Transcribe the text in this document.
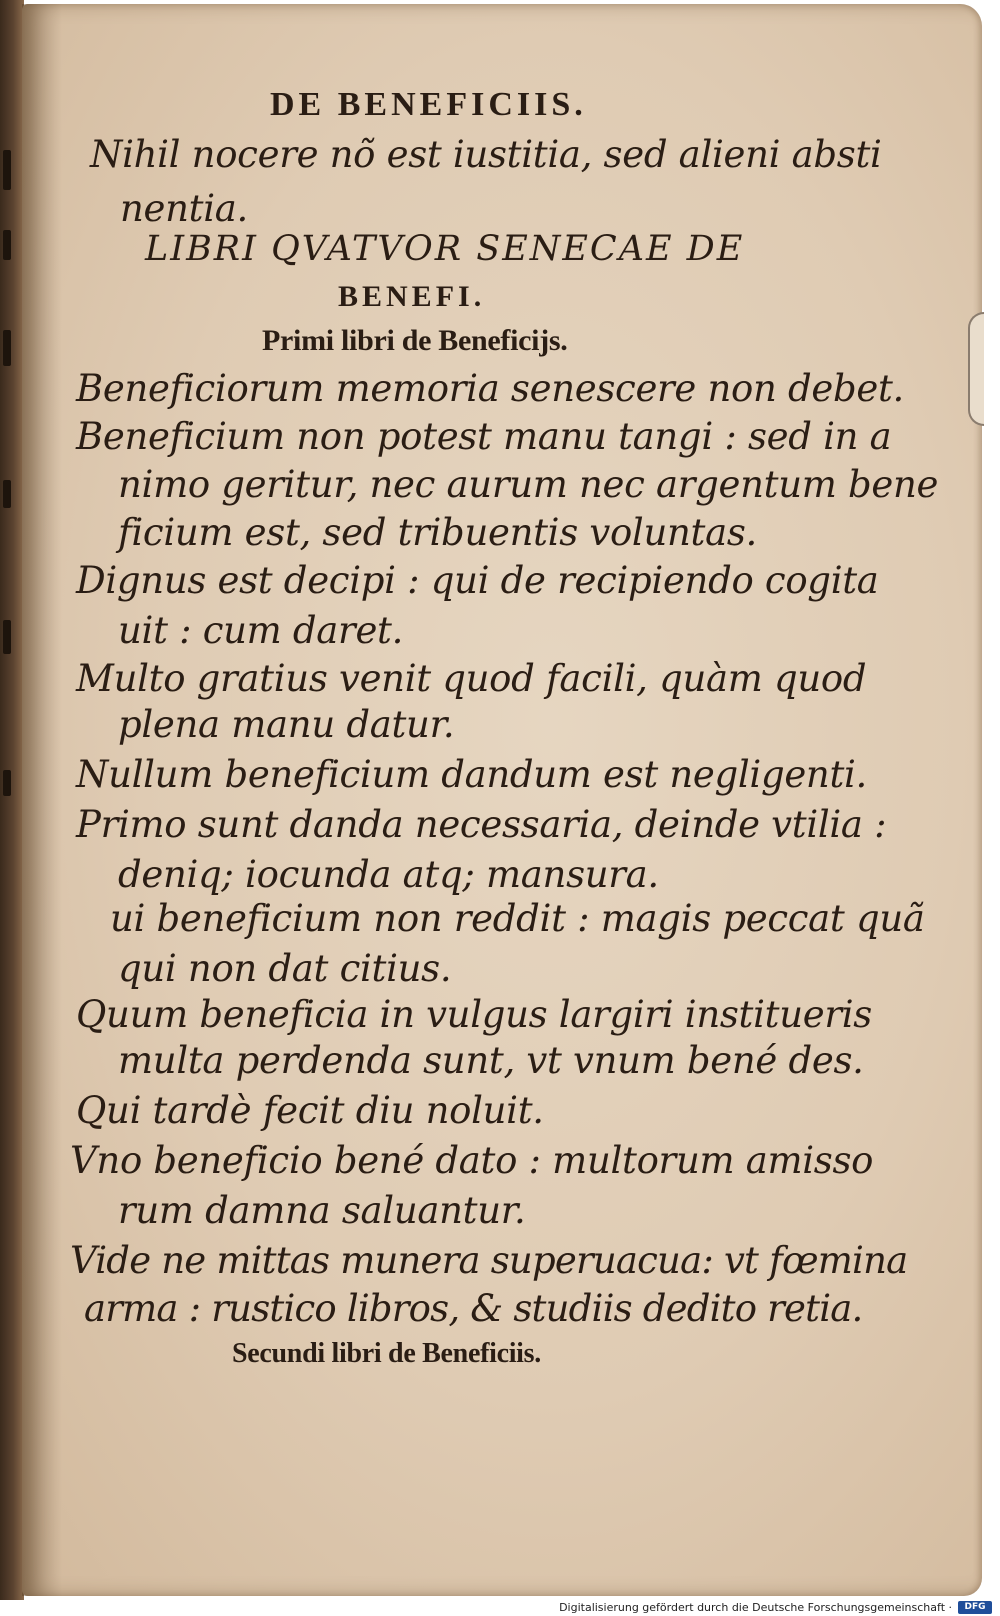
DE BENEFICIIS.
Nihil nocere nõ est iustitia, sed alieni absti
nentia.
LIBRI QVATVOR SENECAE DE
BENEFI.
Primi libri de Beneficijs.
Beneficiorum memoria senescere non debet.
Beneficium non potest manu tangi : sed in a
nimo geritur, nec aurum nec argentum bene
ficium est, sed tribuentis voluntas.
Dignus est decipi : qui de recipiendo cogita
uit : cum daret.
Multo gratius venit quod facili, quàm quod
plena manu datur.
Nullum beneficium dandum est negligenti.
Primo sunt danda necessaria, deinde vtilia :
deniq; iocunda atq; mansura.
ui beneficium non reddit : magis peccat quã
qui non dat citius.
Quum beneficia in vulgus largiri institueris
multa perdenda sunt, vt vnum bené des.
Qui tardè fecit diu noluit.
Vno beneficio bené dato : multorum amisso
rum damna saluantur.
Vide ne mittas munera superuacua: vt fœmina
arma : rustico libros, & studiis dedito retia.
Secundi libri de Beneficiis.
Digitalisierung gefördert durch die Deutsche Forschungsgemeinschaft ·	DFG
